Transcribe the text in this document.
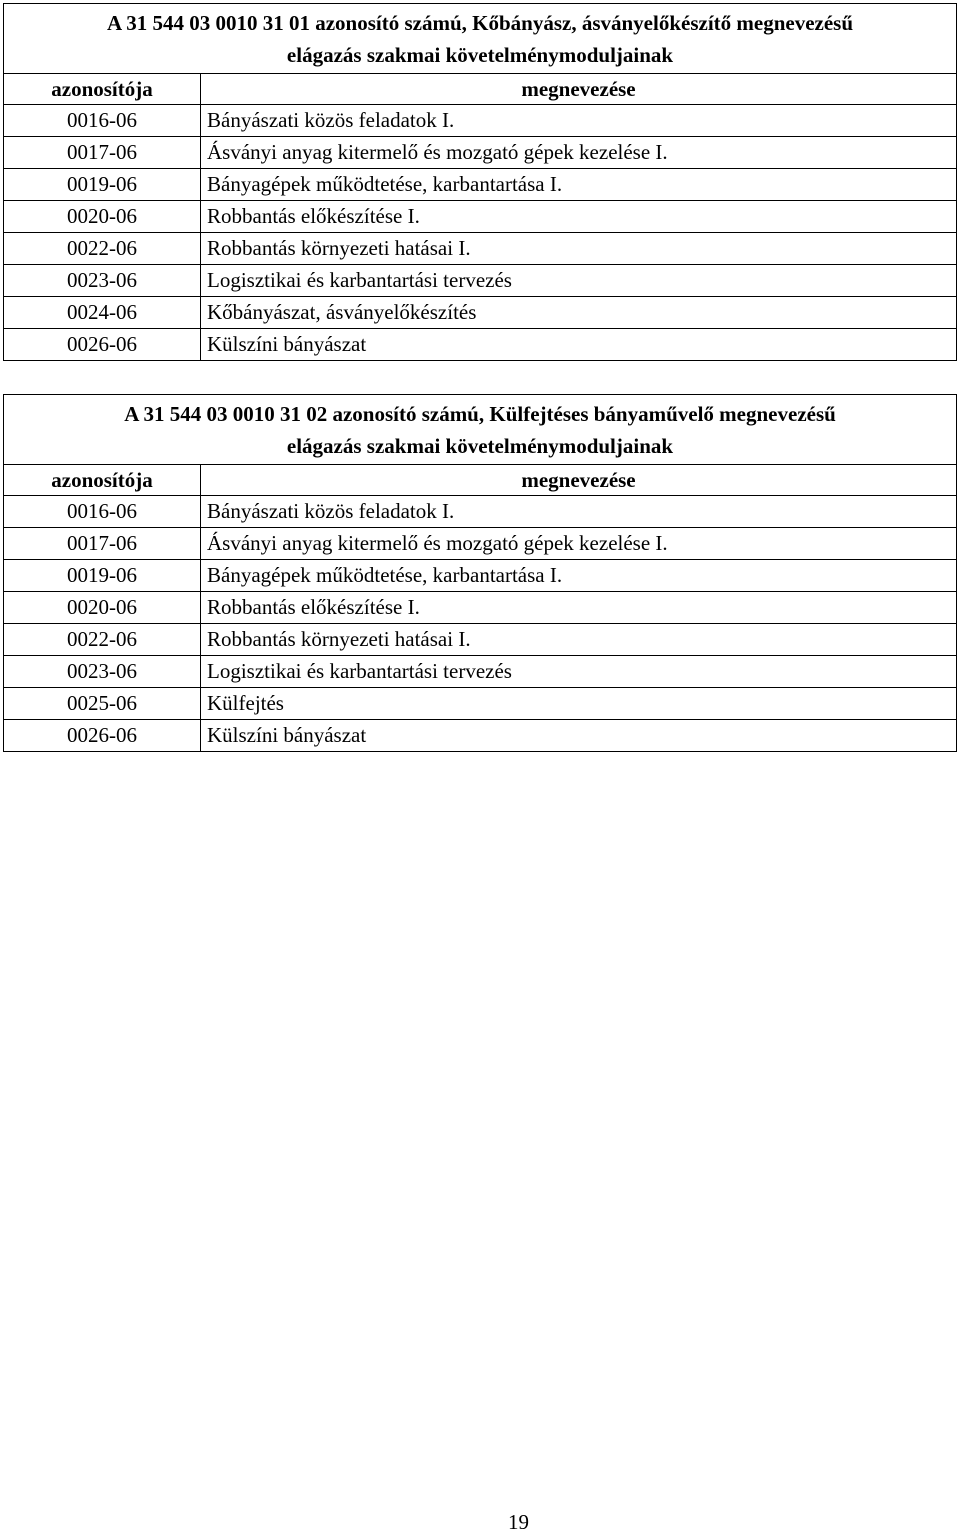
A 31 544 03 0010 31 01 azonosító számú, Kőbányász, ásványelőkészítő megnevezésű
elágazás szakmai követelménymoduljainak	

azonosítója	megnevezése
0016-06	Bányászati közös feladatok I.
0017-06	Ásványi anyag kitermelő és mozgató gépek kezelése I.
0019-06	Bányagépek működtetése, karbantartása I.
0020-06	Robbantás előkészítése I.
0022-06	Robbantás környezeti hatásai I.
0023-06	Logisztikai és karbantartási tervezés
0024-06	Kőbányászat, ásványelőkészítés
0026-06	Külszíni bányászat
A 31 544 03 0010 31 02 azonosító számú, Külfejtéses bányaművelő megnevezésű
elágazás szakmai követelménymoduljainak	

azonosítója	megnevezése
0016-06	Bányászati közös feladatok I.
0017-06	Ásványi anyag kitermelő és mozgató gépek kezelése I.
0019-06	Bányagépek működtetése, karbantartása I.
0020-06	Robbantás előkészítése I.
0022-06	Robbantás környezeti hatásai I.
0023-06	Logisztikai és karbantartási tervezés
0025-06	Külfejtés
0026-06	Külszíni bányászat
19
